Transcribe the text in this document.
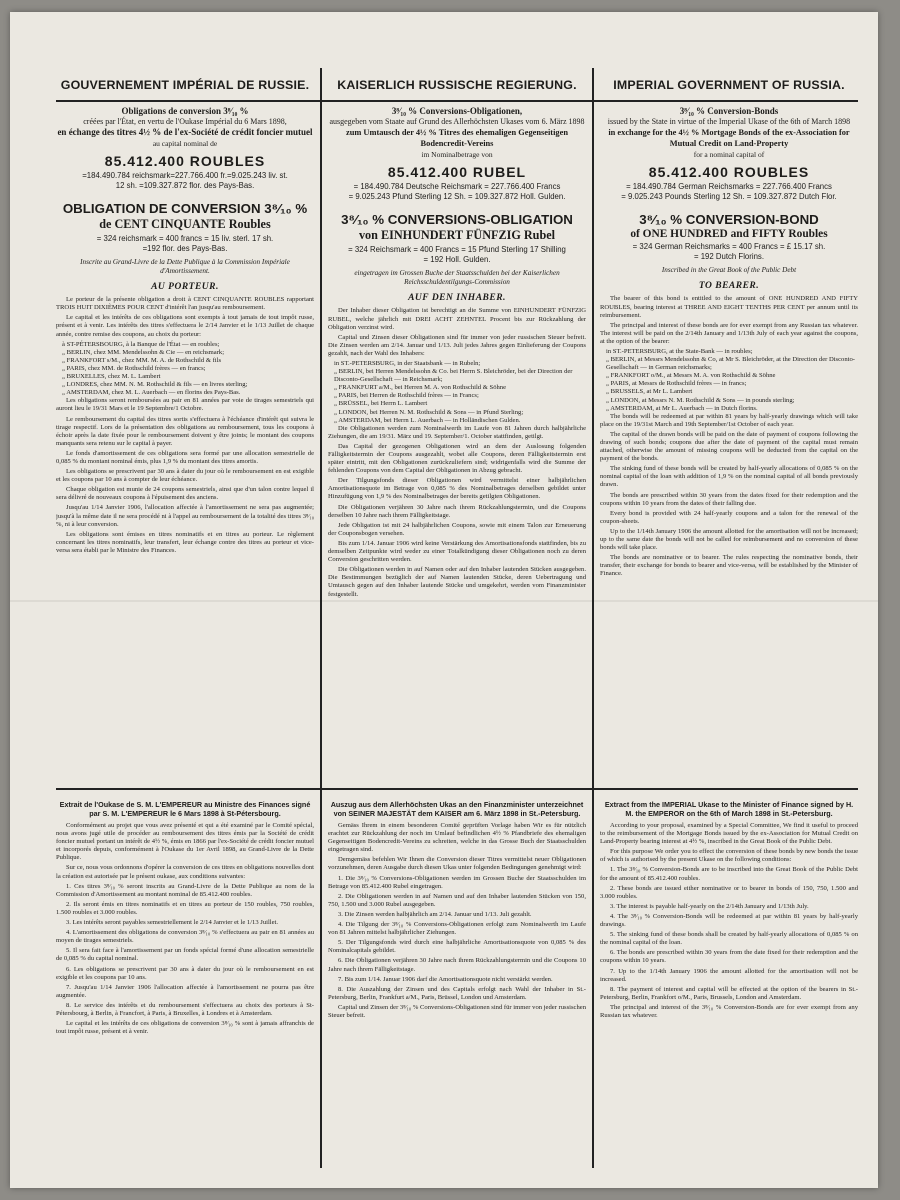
GOUVERNEMENT IMPÉRIAL DE RUSSIE.

Obligations de conversion 3⁸⁄₁₀ %

créées par l'État, en vertu de l'Oukase Impérial du 6 Mars 1898,

en échange des titres 4½ % de l'ex-Société de crédit foncier mutuel

au capital nominal de

85.412.400 ROUBLES

=184.490.784 reichsmark=227.766.400 fr.=9.025.243 liv. st.

12 sh. =109.327.872 flor. des Pays-Bas.

OBLIGATION DE CONVERSION 3⁸⁄₁₀ %
de CENT CINQUANTE Roubles

= 324 reichsmark = 400 francs = 15 liv. sterl. 17 sh.

=192 flor. des Pays-Bas.

Inscrite au Grand-Livre de la Dette Publique à la Commission Impériale d'Amortissement.

AU PORTEUR.

Le porteur de la présente obligation a droit à CENT CINQUANTE ROUBLES rapportant TROIS HUIT DIXIÈMES POUR CENT d'intérêt l'an jusqu'au remboursement.

Le capital et les intérêts de ces obligations sont exempts à tout jamais de tout impôt russe, présent et à venir. Les intérêts des titres s'effectuera le 2/14 Janvier et le 1/13 Juillet de chaque année, contre remise des coupons, au choix du porteur:

à ST-PÉTERSBOURG, à la Banque de l'État — en roubles;

„ BERLIN, chez MM. Mendelssohn & Cie — en reichsmark;

„ FRANKFORT s/M., chez MM. M. A. de Rothschild & fils

„ PARIS, chez MM. de Rothschild frères — en francs;

„ BRUXELLES, chez M. L. Lambert

„ LONDRES, chez MM. N. M. Rothschild & fils — en livres sterling;

„ AMSTERDAM, chez M. L. Auerbach — en florins des Pays-Bas.

Les obligations seront remboursées au pair en 81 années par voie de tirages semestriels qui auront lieu le 19/31 Mars et le 19 Septembre/1 Octobre.

Le remboursement du capital des titres sortis s'effectuera à l'échéance d'intérêt qui suivra le tirage respectif. Lors de la présentation des obligations au remboursement, tous les coupons à échoir après la date fixée pour le remboursement doivent y être joints; le montant des coupons manquants sera retenu sur le capital à payer.

Le fonds d'amortissement de ces obligations sera formé par une allocation semestrielle de 0,085 % du montant nominal émis, plus 1,9 % du montant des titres amortis.

Les obligations se prescrivent par 30 ans à dater du jour où le remboursement en est exigible et les coupons par 10 ans à compter de leur échéance.

Chaque obligation est munie de 24 coupons semestriels, ainsi que d'un talon contre lequel il sera délivré de nouveaux coupons à l'épuisement des anciens.

Jusqu'au 1/14 Janvier 1906, l'allocation affectée à l'amortissement ne sera pas augmentée; jusqu'à la même date il ne sera procédé ni à l'appel au remboursement de la totalité des titres 3⁸⁄₁₀ %, ni à leur conversion.

Les obligations sont émises en titres nominatifs et en titres au porteur. Le règlement concernant les titres nominatifs, leur transfert, leur échange contre des titres au porteur et vice-versa sera établi par le Ministre des Finances.

Extrait de l'Oukase de S. M. L'EMPEREUR au Ministre des Finances signé par S. M. L'EMPEREUR le 6 Mars 1898 à St-Pétersbourg.

Conformément au projet que vous avez présenté et qui a été examiné par le Comité spécial, nous avons jugé utile de procéder au remboursement des titres émis par la Société de crédit foncier mutuel portant un intérêt de 4½ %, émis en 1866 par l'ex-Société de crédit foncier mutuel et incorporés depuis, conformément à l'Oukase du 1er Avril 1898, au Grand-Livre de la Dette Publique.

Sur ce, nous vous ordonnons d'opérer la conversion de ces titres en obligations nouvelles dont la création est autorisée par le présent oukase, aux conditions suivantes:

1. Ces titres 3⁸⁄₁₀ % seront inscrits au Grand-Livre de la Dette Publique au nom de la Commission d'Amortissement au montant nominal de 85.412.400 roubles.

2. Ils seront émis en titres nominatifs et en titres au porteur de 150 roubles, 750 roubles, 1.500 roubles et 3.000 roubles.

3. Les intérêts seront payables semestriellement le 2/14 Janvier et le 1/13 Juillet.

4. L'amortissement des obligations de conversion 3⁸⁄₁₀ % s'effectuera au pair en 81 années au moyen de tirages semestriels.

5. Il sera fait face à l'amortissement par un fonds spécial formé d'une allocation semestrielle de 0,085 % du capital nominal.

6. Les obligations se prescrivent par 30 ans à dater du jour où le remboursement en est exigible et les coupons par 10 ans.

7. Jusqu'au 1/14 Janvier 1906 l'allocation affectée à l'amortissement ne pourra pas être augmentée.

8. Le service des intérêts et du remboursement s'effectuera au choix des porteurs à St-Pétersbourg, à Berlin, à Francfort, à Paris, à Bruxelles, à Londres et à Amsterdam.

Le capital et les intérêts de ces obligations de conversion 3⁸⁄₁₀ % sont à jamais affranchis de tout impôt russe, présent et à venir.

KAISERLICH RUSSISCHE REGIERUNG.

3⁸⁄₁₀ % Conversions-Obligationen,

ausgegeben vom Staate auf Grund des Allerhöchsten Ukases vom 6. März 1898

zum Umtausch der 4½ % Titres des ehemaligen Gegenseitigen Bodencredit-Vereins

im Nominalbetrage von

85.412.400 RUBEL

= 184.490.784 Deutsche Reichsmark = 227.766.400 Francs

= 9.025.243 Pfund Sterling 12 Sh. = 109.327.872 Holl. Gulden.

3⁸⁄₁₀ % CONVERSIONS-OBLIGATION
von EINHUNDERT FÜNFZIG Rubel

= 324 Reichsmark = 400 Francs = 15 Pfund Sterling 17 Shilling

= 192 Holl. Gulden.

eingetragen im Grossen Buche der Staatsschulden bei der Kaiserlichen Reichsschuldentilgungs-Commission

AUF DEN INHABER.

Der Inhaber dieser Obligation ist berechtigt an die Summe von EINHUNDERT FÜNFZIG RUBEL, welche jährlich mit DREI ACHT ZEHNTEL Procent bis zur Rückzahlung der Obligation verzinst wird.

Capital und Zinsen dieser Obligationen sind für immer von jeder russischen Steuer befreit. Die Zinsen werden am 2/14. Januar und 1/13. Juli jedes Jahres gegen Einlieferung der Coupons gezahlt, nach der Wahl des Inhabers:

in ST.-PETERSBURG, in der Staatsbank — in Rubeln;

„ BERLIN, bei Herren Mendelssohn & Co. bei Herrn S. Bleichröder, bei der Direction der Disconto-Gesellschaft — in Reichsmark;

„ FRANKFURT a/M., bei Herren M. A. von Rothschild & Söhne

„ PARIS, bei Herren de Rothschild frères — in Francs;

„ BRÜSSEL, bei Herrn L. Lambert

„ LONDON, bei Herren N. M. Rothschild & Sons — in Pfund Sterling;

„ AMSTERDAM, bei Herrn L. Auerbach — in Holländischen Gulden.

Die Obligationen werden zum Nominalwerth im Laufe von 81 Jahren durch halbjährliche Ziehungen, die am 19/31. März und 19. September/1. October stattfinden, getilgt.

Das Capital der gezogenen Obligationen wird an dem der Auslosung folgenden Fälligkeitstermin der Coupons ausgezahlt, wobei alle Coupons, deren Fälligkeitstermin erst später eintritt, mit den Obligationen zurückzuliefern sind; widrigenfalls wird die Summe der fehlenden Coupons von dem Capital der Obligationen in Abzug gebracht.

Der Tilgungsfonds dieser Obligationen wird vermittelst einer halbjährlichen Amortisationsquote im Betrage von 0,085 % des Nominalbetrages derselben gebildet unter Hinzufügung von 1,9 % des Nominalbetrages der bereits getilgten Obligationen.

Die Obligationen verjähren 30 Jahre nach ihrem Rückzahlungstermin, und die Coupons derselben 10 Jahre nach ihrem Fälligkeitstage.

Jede Obligation ist mit 24 halbjährlichen Coupons, sowie mit einem Talon zur Erneuerung der Couponsbogen versehen.

Bis zum 1/14. Januar 1906 wird keine Verstärkung des Amortisationsfonds stattfinden, bis zu demselben Zeitpunkte wird weder zu einer Totalkündigung dieser Obligationen noch zu deren Conversion geschritten werden.

Die Obligationen werden in auf Namen oder auf den Inhaber lautenden Stücken ausgegeben. Die Bestimmungen bezüglich der auf Namen lautenden Stücke, deren Uebertragung und Umtausch gegen auf den Inhaber lautende Stücke und umgekehrt, werden vom Finanzminister festgestellt.

Auszug aus dem Allerhöchsten Ukas an den Finanzminister unterzeichnet von SEINER MAJESTÄT dem KAISER am 6. März 1898 in St.-Petersburg.

Gemäss Ihrem in einem besonderen Comité geprüften Vorlage haben Wir es für nützlich erachtet zur Rückzahlung der noch im Umlauf befindlichen 4½ % Pfandbriefe des ehemaligen Gegenseitigen Bodencredit-Vereins zu schreiten, welche in das Grosse Buch der Staatsschulden eingetragen sind.

Demgemäss befehlen Wir Ihnen die Conversion dieser Titres vermittelst neuer Obligationen vorzunehmen, deren Ausgabe durch diesen Ukas unter folgenden Bedingungen genehmigt wird:

1. Die 3⁸⁄₁₀ % Conversions-Obligationen werden im Grossen Buche der Staatsschulden im Betrage von 85.412.400 Rubel eingetragen.

2. Die Obligationen werden in auf Namen und auf den Inhaber lautenden Stücken von 150, 750, 1.500 und 3.000 Rubel ausgegeben.

3. Die Zinsen werden halbjährlich am 2/14. Januar und 1/13. Juli gezahlt.

4. Die Tilgung der 3⁸⁄₁₀ % Conversions-Obligationen erfolgt zum Nominalwerth im Laufe von 81 Jahren mittelst halbjährlicher Ziehungen.

5. Der Tilgungsfonds wird durch eine halbjährliche Amortisationsquote von 0,085 % des Nominalcapitals gebildet.

6. Die Obligationen verjähren 30 Jahre nach ihrem Rückzahlungstermin und die Coupons 10 Jahre nach ihrem Fälligkeitstage.

7. Bis zum 1/14. Januar 1906 darf die Amortisationsquote nicht verstärkt werden.

8. Die Auszahlung der Zinsen und des Capitals erfolgt nach Wahl der Inhaber in St.-Petersburg, Berlin, Frankfurt a/M., Paris, Brüssel, London und Amsterdam.

Capital und Zinsen der 3⁸⁄₁₀ % Conversions-Obligationen sind für immer von jeder russischen Steuer befreit.

IMPERIAL GOVERNMENT OF RUSSIA.

3⁸⁄₁₀ % Conversion-Bonds

issued by the State in virtue of the Imperial Ukase of the 6th of March 1898

in exchange for the 4½ % Mortgage Bonds of the ex-Association for Mutual Credit on Land-Property

for a nominal capital of

85.412.400 ROUBLES

= 184.490.784 German Reichsmarks = 227.766.400 Francs

= 9.025.243 Pounds Sterling 12 Sh. = 109.327.872 Dutch Flor.

3⁸⁄₁₀ % CONVERSION-BOND
of ONE HUNDRED and FIFTY Roubles

= 324 German Reichsmarks = 400 Francs = £ 15.17 sh.

= 192 Dutch Florins.

Inscribed in the Great Book of the Public Debt

TO BEARER.

The bearer of this bond is entitled to the amount of ONE HUNDRED AND FIFTY ROUBLES, bearing interest at THREE AND EIGHT TENTHS PER CENT per annum until its reimbursement.

The principal and interest of these bonds are for ever exempt from any Russian tax whatever. The interest will be paid on the 2/14th January and 1/13th July of each year against the coupons, at the option of the bearer:

in ST.-PETERSBURG, at the State-Bank — in roubles;

„ BERLIN, at Messrs Mendelssohn & Co, at Mr S. Bleichröder, at the Direction der Disconto-Gesellschaft — in German reichsmarks;

„ FRANKFORT o/M., at Messrs M. A. von Rothschild & Söhne

„ PARIS, at Messrs de Rothschild frères — in francs;

„ BRUSSELS, at Mr L. Lambert

„ LONDON, at Messrs N. M. Rothschild & Sons — in pounds sterling;

„ AMSTERDAM, at Mr L. Auerbach — in Dutch florins.

The bonds will be redeemed at par within 81 years by half-yearly drawings which will take place on the 19/31st March and 19th September/1st October of each year.

The capital of the drawn bonds will be paid on the date of payment of coupons following the drawing of such bonds; coupons due after the date of payment of the capital must remain attached, otherwise the amount of missing coupons will be deducted from the capital on the payment of the bonds.

The sinking fund of these bonds will be created by half-yearly allocations of 0,085 % on the nominal capital of the loan with addition of 1,9 % on the nominal capital of all bonds previously drawn.

The bonds are prescribed within 30 years from the dates fixed for their redemption and the coupons within 10 years from the dates of their falling due.

Every bond is provided with 24 half-yearly coupons and a talon for the renewal of the coupon-sheets.

Up to the 1/14th January 1906 the amount allotted for the amortisation will not be increased; up to the same date the bonds will not be called for reimbursement and no conversion of these bonds will take place.

The bonds are nominative or to bearer. The rules respecting the nominative bonds, their transfer, their exchange for bonds to bearer and vice-versa, will be established by the Minister of Finance.

Extract from the IMPERIAL Ukase to the Minister of Finance signed by H. M. the EMPEROR on the 6th of March 1898 in St.-Petersburg.

According to your proposal, examined by a Special Committee, We find it useful to proceed to the reimbursement of the Mortgage Bonds issued by the ex-Association for Mutual Credit on Land-Property bearing interest at 4½ %, inscribed in the Great Book of the Public Debt.

For this purpose We order you to effect the conversion of these bonds by new bonds the issue of which is authorised by the present Ukase on the following conditions:

1. The 3⁸⁄₁₀ % Conversion-Bonds are to be inscribed into the Great Book of the Public Debt for the amount of 85.412.400 roubles.

2. These bonds are issued either nominative or to bearer in bonds of 150, 750, 1.500 and 3.000 roubles.

3. The interest is payable half-yearly on the 2/14th January and 1/13th July.

4. The 3⁸⁄₁₀ % Conversion-Bonds will be redeemed at par within 81 years by half-yearly drawings.

5. The sinking fund of these bonds shall be created by half-yearly allocations of 0,085 % on the nominal capital of the loan.

6. The bonds are prescribed within 30 years from the date fixed for their redemption and the coupons within 10 years.

7. Up to the 1/14th January 1906 the amount allotted for the amortisation will not be increased.

8. The payment of interest and capital will be effected at the option of the bearers in St.-Petersburg, Berlin, Frankfort o/M., Paris, Brussels, London and Amsterdam.

The principal and interest of the 3⁸⁄₁₀ % Conversion-Bonds are for ever exempt from any Russian tax whatever.
